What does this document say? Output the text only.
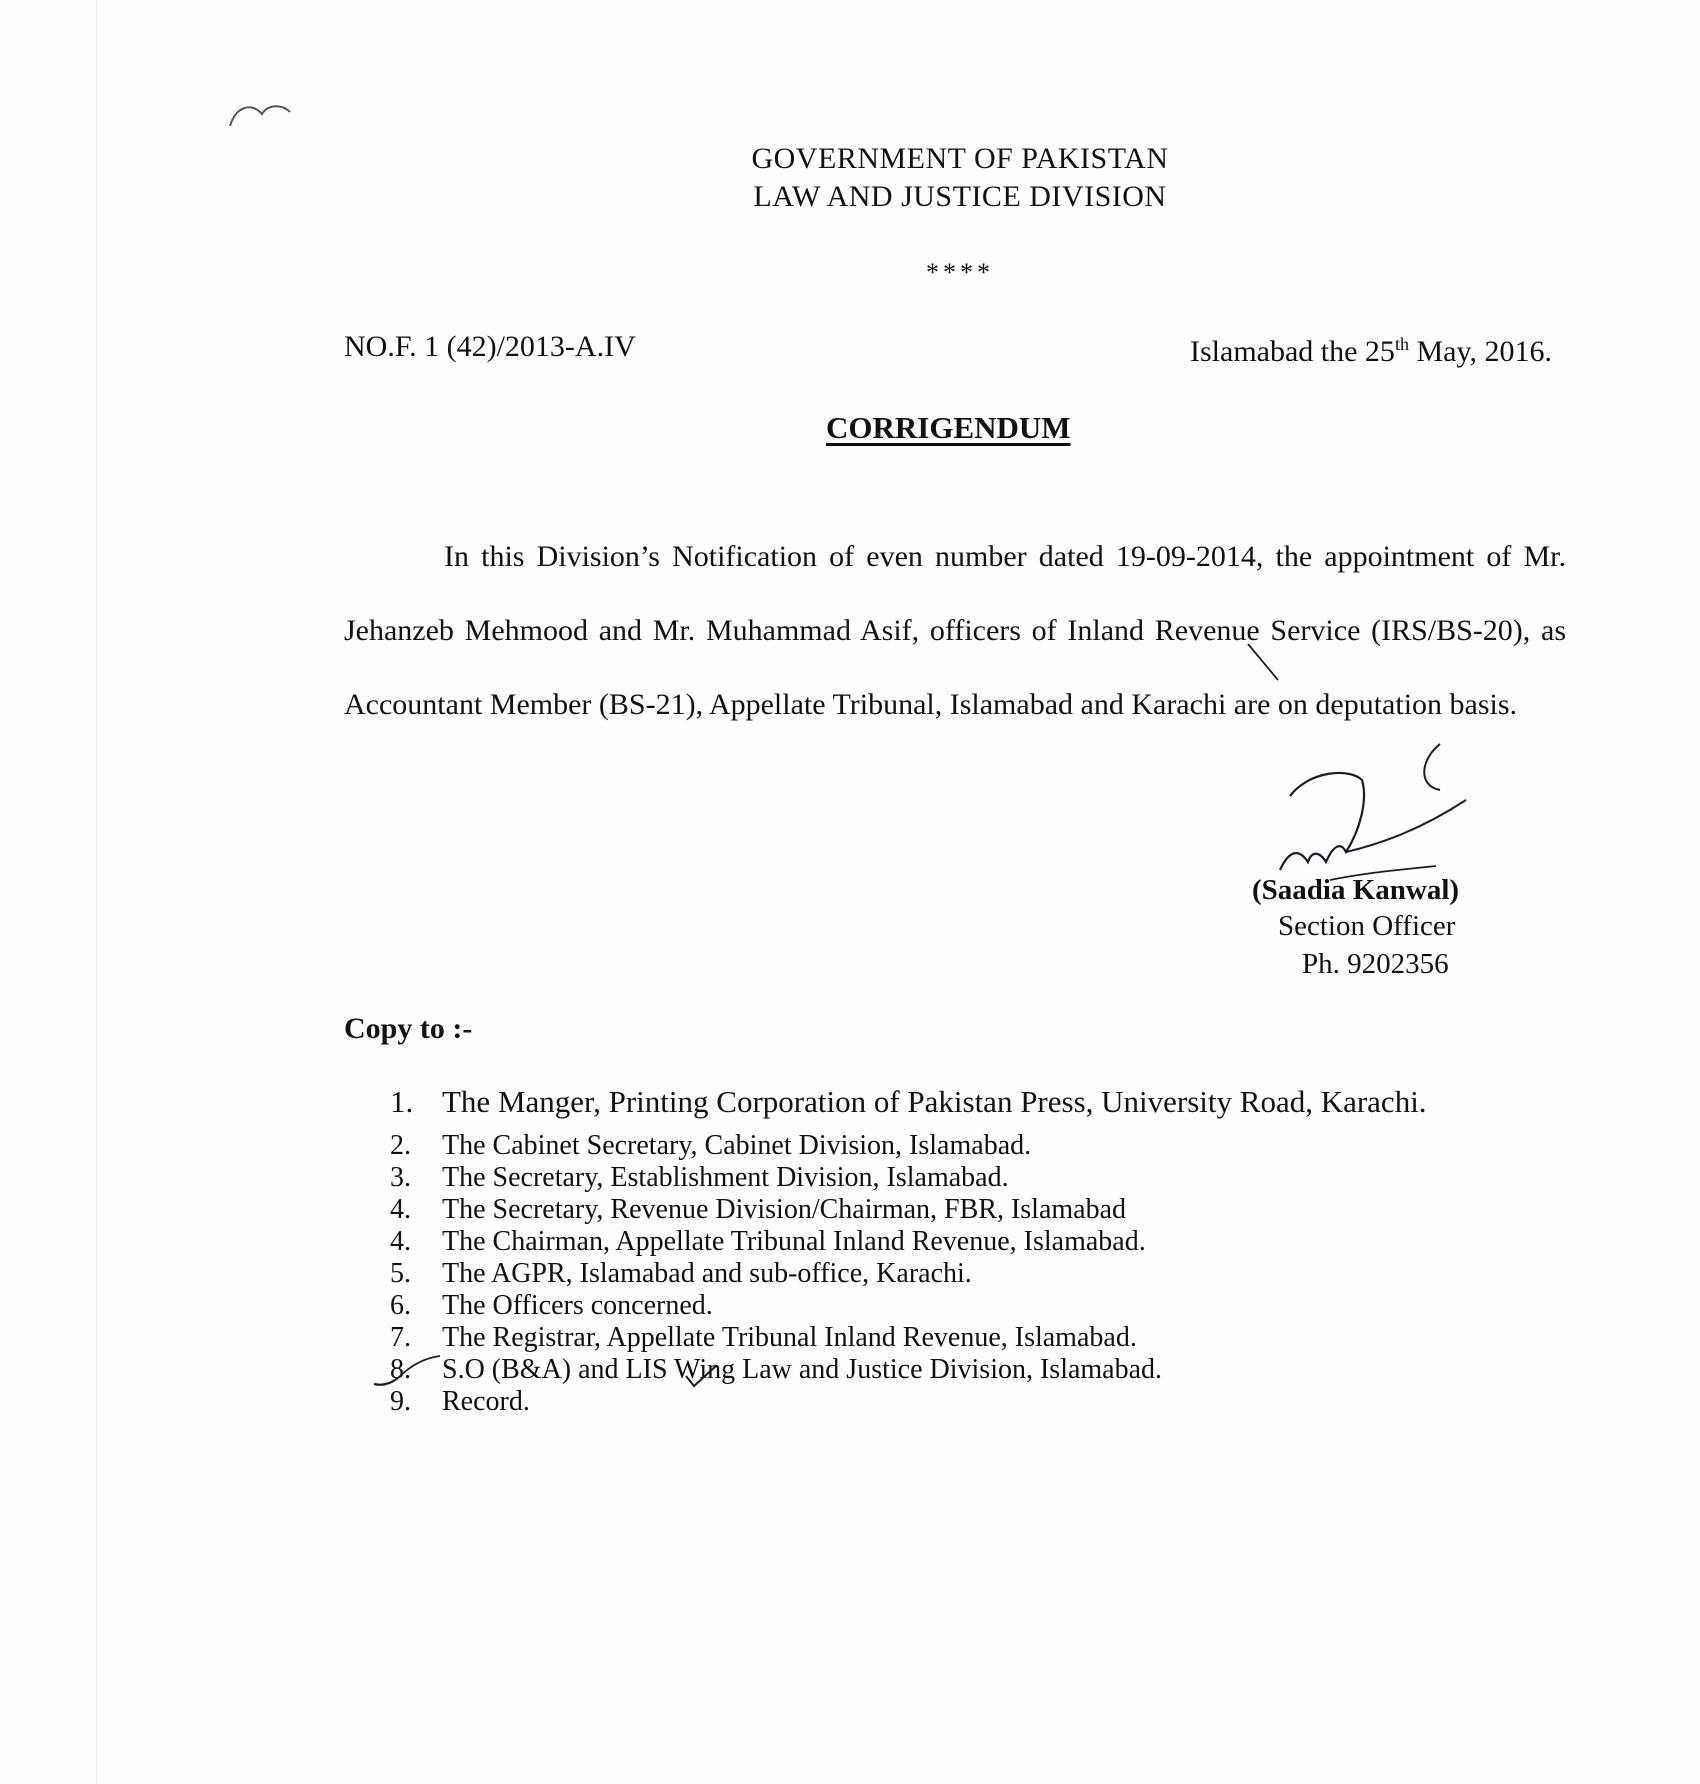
GOVERNMENT OF PAKISTAN
LAW AND JUSTICE DIVISION
****
NO.F. 1 (42)/2013-A.IV	Islamabad the 25th May, 2016.
CORRIGENDUM
In this Division’s Notification of even number dated 19-09-2014, the appointment of Mr. Jehanzeb Mehmood and Mr. Muhammad Asif, officers of Inland Revenue Service (IRS/BS-20), as Accountant Member (BS-21), Appellate Tribunal, Islamabad and Karachi are on deputation basis.
(Saadia Kanwal)
Section Officer
Ph. 9202356
Copy to :-
1. The Manger, Printing Corporation of Pakistan Press, University Road, Karachi.
2.	The Cabinet Secretary, Cabinet Division, Islamabad.
3.	The Secretary, Establishment Division, Islamabad.
4.	The Secretary, Revenue Division/Chairman, FBR, Islamabad
4.	The Chairman, Appellate Tribunal Inland Revenue, Islamabad.
5.	The AGPR, Islamabad and sub-office, Karachi.
6.	The Officers concerned.
7.	The Registrar, Appellate Tribunal Inland Revenue, Islamabad.
8.	S.O (B&A) and LIS Wing Law and Justice Division, Islamabad.
9.	Record.
